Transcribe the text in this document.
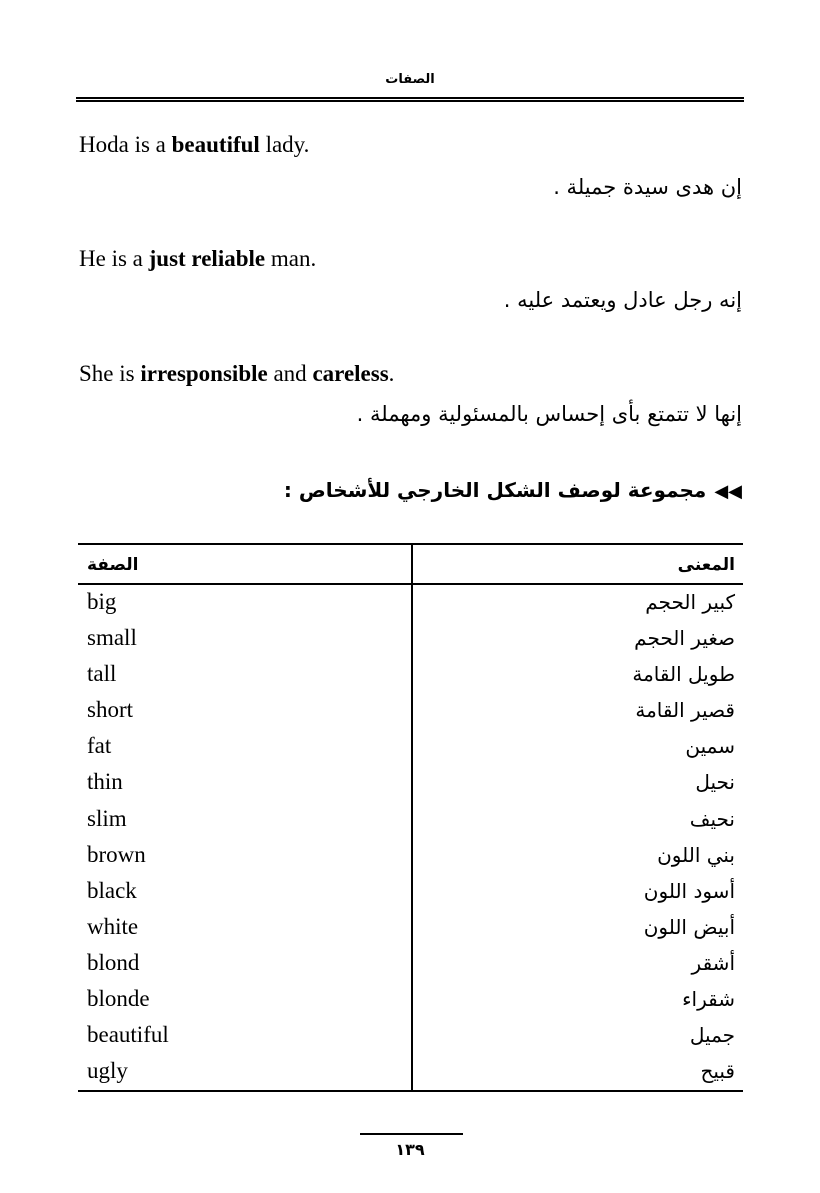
الصفات
Hoda is a beautiful lady.
إن هدى سيدة جميلة .
He is a just reliable man.
إنه رجل عادل ويعتمد عليه .
She is irresponsible and careless.
إنها لا تتمتع بأى إحساس بالمسئولية ومهملة .
◀◀مجموعة لوصف الشكل الخارجي للأشخاص :
الصفة	المعنى
big	كبير الحجم
small	صغير الحجم
tall	طويل القامة
short	قصير القامة
fat	سمين
thin	نحيل
slim	نحيف
brown	بني اللون
black	أسود اللون
white	أبيض اللون
blond	أشقر
blonde	شقراء
beautiful	جميل
ugly	قبيح
١٣٩
